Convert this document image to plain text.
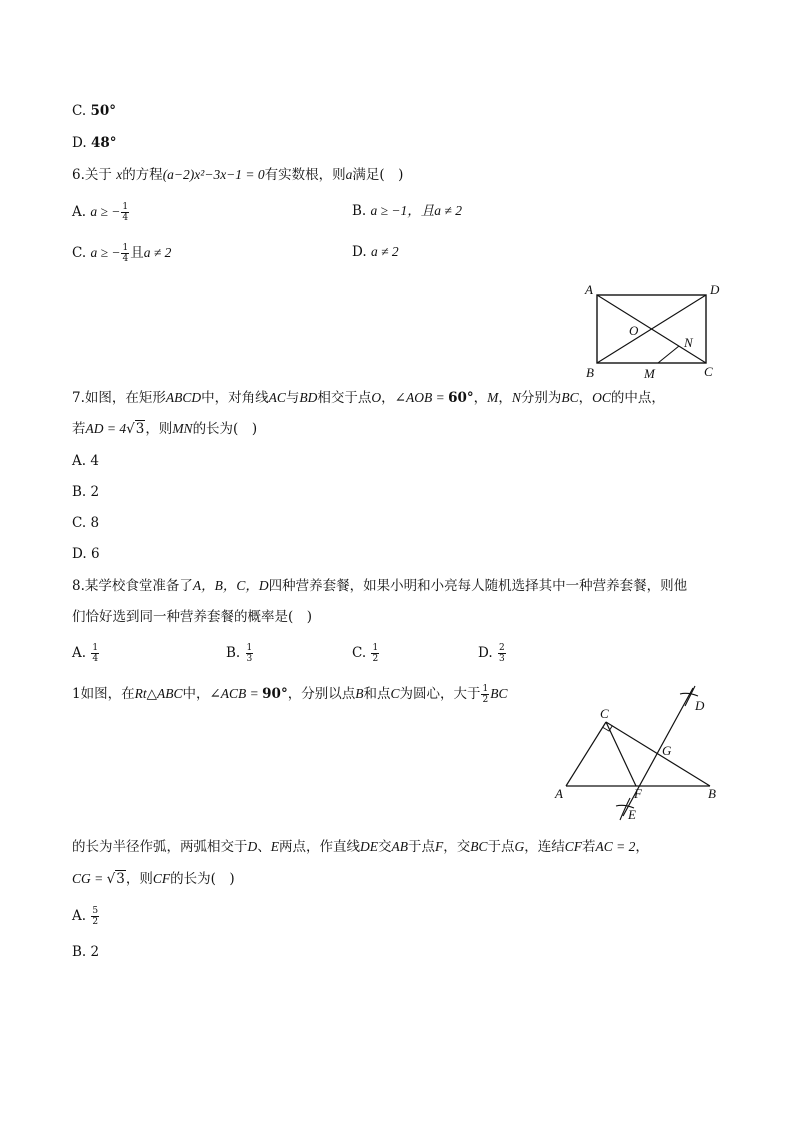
C. 50°
D. 48°
6.关于 x的方程(a−2)x²−3x−1 = 0有实数根，则a满足(　)
A. a ≥ − $\frac{1}{4}$	B. a ≥ −1，且a ≠ 2
C. a ≥ − $\frac{1}{4}$ 且a ≠ 2	D. a ≠ 2
A	D
B	C
O
N
M
7.如图，在矩形ABCD中，对角线AC与BD相交于点O，∠AOB = 60°，M，N分别为BC，OC的中点，
若AD = 4√3，则MN的长为(　)
A. 4
B. 2
C. 8
D. 6
8.某学校食堂准备了A，B，C，D四种营养套餐，如果小明和小亮每人随机选择其中一种营养套餐，则他
们恰好选到同一种营养套餐的概率是(　)
A. $\frac{1}{4}$	B. $\frac{1}{3}$	C. $\frac{1}{2}$	D. $\frac{2}{3}$
1如图，在Rt△ABC中，∠ACB = 90°，分别以点B和点C为圆心，大于 $\frac{1}{2}$ BC
D
C
G
A	F	B
E
的长为半径作弧，两弧相交于D、E两点，作直线DE交AB于点F，交BC于点G，连结CF若AC = 2，
CG = √3，则CF的长为(　)
A. $\frac{5}{2}$
B. 2
